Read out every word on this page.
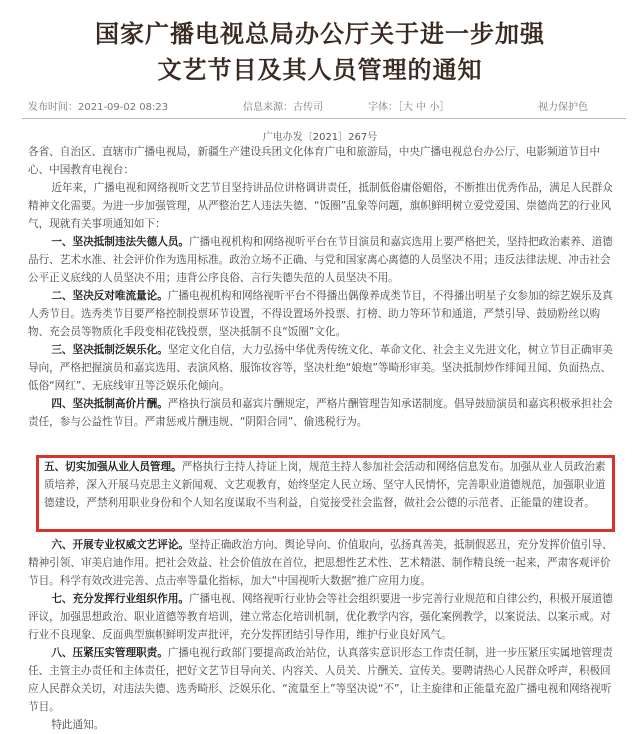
国家广播电视总局办公厅关于进一步加强
文艺节目及其人员管理的通知
发布时间：2021-09-02 08:23	信息来源：古传司	字体：［大 中 小］	视力保护色
广电办发〔2021〕267号

各省、自治区、直辖市广播电视局，新疆生产建设兵团文化体育广电和旅游局，中央广播电视总台办公厅、电影频道节目中心、中国教育电视台：

近年来，广播电视和网络视听文艺节目坚持讲品位讲格调讲责任，抵制低俗庸俗媚俗，不断推出优秀作品，满足人民群众精神文化需要。为进一步加强管理，从严整治艺人违法失德、“饭圈”乱象等问题，旗帜鲜明树立爱党爱国、崇德尚艺的行业风气，现就有关事项通知如下：

一、坚决抵制违法失德人员。广播电视机构和网络视听平台在节目演员和嘉宾选用上要严格把关，坚持把政治素养、道德品行、艺术水准、社会评价作为选用标准。政治立场不正确、与党和国家离心离德的人员坚决不用；违反法律法规、冲击社会公平正义底线的人员坚决不用；违背公序良俗、言行失德失范的人员坚决不用。

二、坚决反对唯流量论。广播电视机构和网络视听平台不得播出偶像养成类节目，不得播出明星子女参加的综艺娱乐及真人秀节目。选秀类节目要严格控制投票环节设置，不得设置场外投票、打榜、助力等环节和通道，严禁引导、鼓励粉丝以购物、充会员等物质化手段变相花钱投票，坚决抵制不良“饭圈”文化。

三、坚决抵制泛娱乐化。坚定文化自信，大力弘扬中华优秀传统文化、革命文化、社会主义先进文化，树立节目正确审美导向，严格把握演员和嘉宾选用、表演风格、服饰妆容等，坚决杜绝“娘炮”等畸形审美。坚决抵制炒作绯闻丑闻、负面热点、低俗“网红”、无底线审丑等泛娱乐化倾向。

四、坚决抵制高价片酬。严格执行演员和嘉宾片酬规定，严格片酬管理告知承诺制度。倡导鼓励演员和嘉宾积极承担社会责任，参与公益性节目。严肃惩戒片酬违规、“阴阳合同”、偷逃税行为。

五、切实加强从业人员管理。严格执行主持人持证上岗，规范主持人参加社会活动和网络信息发布。加强从业人员政治素质培养，深入开展马克思主义新闻观、文艺观教育，始终坚定人民立场、坚守人民情怀，完善职业道德规范，加强职业道德建设，严禁利用职业身份和个人知名度谋取不当利益，自觉接受社会监督，做社会公德的示范者、正能量的建设者。

六、开展专业权威文艺评论。坚持正确政治方向、舆论导向、价值取向，弘扬真善美，抵制假恶丑，充分发挥价值引导、精神引领、审美启迪作用。把社会效益、社会价值放在首位，把思想性艺术性、艺术精湛、制作精良统一起来，严肃客观评价节目。科学有效改进完善、点击率等量化指标，加大“中国视听大数据”推广应用力度。

七、充分发挥行业组织作用。广播电视、网络视听行业协会等社会组织要进一步完善行业规范和自律公约，积极开展道德评议，加强思想政治、职业道德等教育培训，建立常态化培训机制，优化教学内容，强化案例教学，以案说法、以案示戒。对行业不良现象、反面典型旗帜鲜明发声批评，充分发挥团结引导作用，维护行业良好风气。

八、压紧压实管理职责。广播电视行政部门要提高政治站位，认真落实意识形态工作责任制，进一步压紧压实属地管理责任、主管主办责任和主体责任，把好文艺节目导向关、内容关、人员关、片酬关、宣传关。要聘请热心人民群众呼声，积极回应人民群众关切，对违法失德、选秀畸形、泛娱乐化、“流量至上”等坚决说“不”，让主旋律和正能量充盈广播电视和网络视听节目。

特此通知。
